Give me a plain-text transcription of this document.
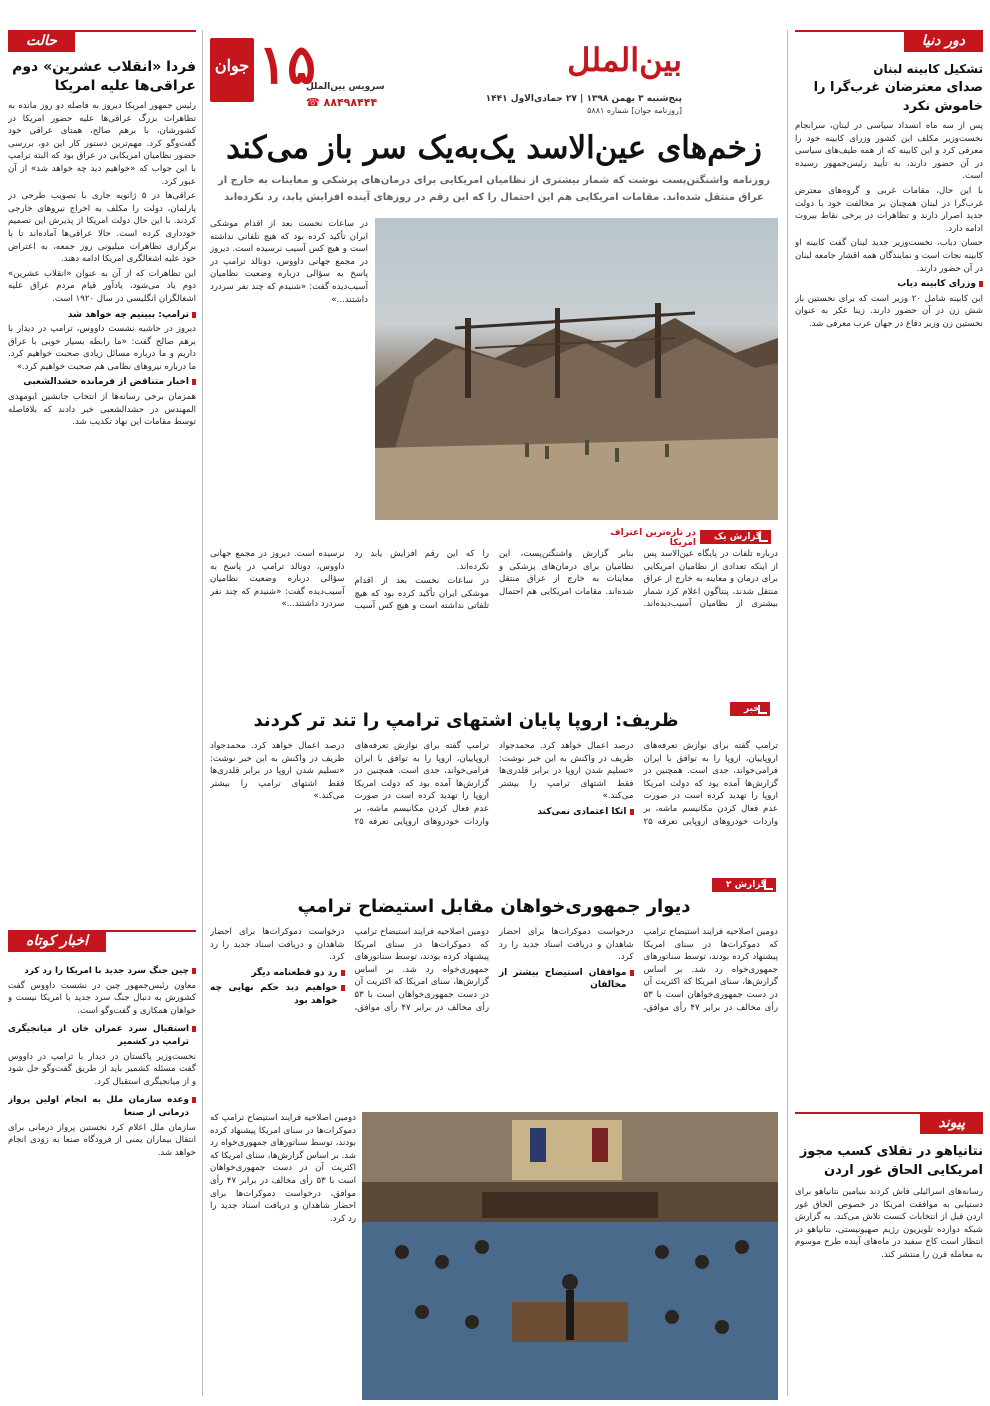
حالت
فردا «انقلاب عشرین» دوم عراقی‌ها علیه امریکا

رئیس جمهور امریکا دیروز به فاصله دو روز مانده به تظاهرات بزرگ عراقی‌ها علیه حضور امریکا در کشورشان، با برهم صالح، همتای عراقی خود گفت‌وگو کرد. مهم‌ترین دستور کار این دو، بررسی حضور نظامیان امریکایی در عراق بود که البته ترامپ با این جواب که «خواهیم دید چه خواهد شد» از آن عبور کرد.

عراقی‌ها در ۵ ژانویه جاری با تصویب طرحی در پارلمان، دولت را مکلف به اخراج نیروهای خارجی کردند. با این حال دولت امریکا از پذیرش این تصمیم خودداری کرده است. حالا عراقی‌ها آماده‌اند تا با برگزاری تظاهرات میلیونی روز جمعه، به اعتراض خود علیه اشغالگری امریکا ادامه دهند.

این تظاهرات که از آن به عنوان «انقلاب عشرین» دوم یاد می‌شود، یادآور قیام مردم عراق علیه اشغالگران انگلیسی در سال ۱۹۲۰ است.

ترامپ: ببینیم چه خواهد شد

دیروز در حاشیه نشست داووس، ترامپ در دیدار با برهم صالح گفت: «ما رابطه بسیار خوبی با عراق داریم و ما درباره مسائل زیادی صحبت خواهیم کرد. ما درباره نیروهای نظامی هم صحبت خواهیم کرد.»

اخبار متناقض از فرمانده حشدالشعبی

همزمان برخی رسانه‌ها از انتخاب جانشین ابومهدی المهندس در حشدالشعبی خبر دادند که بلافاصله توسط مقامات این نهاد تکذیب شد.

اخبار کوتاه
چین جنگ سرد جدید با امریکا را رد کرد

معاون رئیس‌جمهور چین در نشست داووس گفت کشورش به دنبال جنگ سرد جدید با امریکا نیست و خواهان همکاری و گفت‌وگو است.

استقبال سرد عمران خان از میانجیگری ترامپ در کشمیر

نخست‌وزیر پاکستان در دیدار با ترامپ در داووس گفت مسئله کشمیر باید از طریق گفت‌وگو حل شود و از میانجیگری استقبال کرد.

وعده سازمان ملل به انجام اولین پرواز درمانی از صنعا

سازمان ملل اعلام کرد نخستین پرواز درمانی برای انتقال بیماران یمنی از فرودگاه صنعا به زودی انجام خواهد شد.

جوان ۱۵	بین‌الملل
پنج‌شنبه ۳ بهمن ۱۳۹۸ | ۲۷ جمادی‌الاول ۱۴۴۱
[روزنامه جوان] شماره ۵۸۸۱
سرویس بین‌الملل
☎ ۸۸۴۹۸۴۴۴
زخم‌های عین‌الاسد یک‌به‌یک سر باز می‌کند
روزنامه واشنگتن‌پست نوشت که شمار بیشتری از نظامیان امریکایی برای درمان‌های پزشکی و معاینات به خارج از عراق منتقل شده‌اند. مقامات امریکایی هم این احتمال را که این رقم در روزهای آینده افزایش یابد، رد نکرده‌اند
در ساعات نخست بعد از اقدام موشکی ایران تأکید کرده بود که هیچ تلفاتی نداشته است و هیچ کس آسیب نرسیده است. دیروز در مجمع جهانی داووس، دونالد ترامپ در پاسخ به سؤالی درباره وضعیت نظامیان آسیب‌دیده گفت: «شنیدم که چند نفر سردرد داشتند...»
گزارش یک
در تازه‌ترین اعتراف امریکا

درباره تلفات در پایگاه عین‌الاسد پس از اینکه تعدادی از نظامیان امریکایی برای درمان و معاینه به خارج از عراق منتقل شدند، پنتاگون اعلام کرد شمار بیشتری از نظامیان آسیب‌دیده‌اند. بنابر گزارش واشنگتن‌پست، این نظامیان برای درمان‌های پزشکی و معاینات به خارج از عراق منتقل شده‌اند. مقامات امریکایی هم احتمال را که این رقم افزایش یابد رد نکرده‌اند.

در ساعات نخست بعد از اقدام موشکی ایران تأکید کرده بود که هیچ تلفاتی نداشته است و هیچ کس آسیب نرسیده است. دیروز در مجمع جهانی داووس، دونالد ترامپ در پاسخ به سؤالی درباره وضعیت نظامیان آسیب‌دیده گفت: «شنیدم که چند نفر سردرد داشتند...»

خبر
ظریف: اروپا پایان اشتهای ترامپ را تند تر کردند

ترامپ گفته برای نوازش تعرفه‌های اروپاییان، اروپا را به توافق با ایران فرامی‌خواند، جدی است. همچنین در گزارش‌ها آمده بود که دولت امریکا اروپا را تهدید کرده است در صورت عدم فعال کردن مکانیسم ماشه، بر واردات خودروهای اروپایی تعرفه ۲۵ درصد اعمال خواهد کرد. محمدجواد ظریف در واکنش به این خبر نوشت: «تسلیم شدن اروپا در برابر قلدری‌ها فقط اشتهای ترامپ را بیشتر می‌کند.»

اتکا اعتمادی نمی‌کند

ترامپ گفته برای نوازش تعرفه‌های اروپاییان، اروپا را به توافق با ایران فرامی‌خواند، جدی است. همچنین در گزارش‌ها آمده بود که دولت امریکا اروپا را تهدید کرده است در صورت عدم فعال کردن مکانیسم ماشه، بر واردات خودروهای اروپایی تعرفه ۲۵ درصد اعمال خواهد کرد. محمدجواد ظریف در واکنش به این خبر نوشت: «تسلیم شدن اروپا در برابر قلدری‌ها فقط اشتهای ترامپ را بیشتر می‌کند.»

گزارش ۲
دیوار جمهوری‌خواهان مقابل استیضاح ترامپ

دومین اصلاحیه فرایند استیضاح ترامپ که دموکرات‌ها در سنای امریکا پیشنهاد کرده بودند، توسط سناتورهای جمهوری‌خواه رد شد. بر اساس گزارش‌ها، سنای امریکا که اکثریت آن در دست جمهوری‌خواهان است با ۵۳ رأی مخالف در برابر ۴۷ رأی موافق، درخواست دموکرات‌ها برای احضار شاهدان و دریافت اسناد جدید را رد کرد.

موافقان استیضاح بیشتر از مخالفان

دومین اصلاحیه فرایند استیضاح ترامپ که دموکرات‌ها در سنای امریکا پیشنهاد کرده بودند، توسط سناتورهای جمهوری‌خواه رد شد. بر اساس گزارش‌ها، سنای امریکا که اکثریت آن در دست جمهوری‌خواهان است با ۵۳ رأی مخالف در برابر ۴۷ رأی موافق، درخواست دموکرات‌ها برای احضار شاهدان و دریافت اسناد جدید را رد کرد.

رد دو قطعنامه دیگر
خواهیم دید حکم نهایی چه خواهد بود
دومین اصلاحیه فرایند استیضاح ترامپ که دموکرات‌ها در سنای امریکا پیشنهاد کرده بودند، توسط سناتورهای جمهوری‌خواه رد شد. بر اساس گزارش‌ها، سنای امریکا که اکثریت آن در دست جمهوری‌خواهان است با ۵۳ رأی مخالف در برابر ۴۷ رأی موافق، درخواست دموکرات‌ها برای احضار شاهدان و دریافت اسناد جدید را رد کرد.
دور دنیا
تشکیل کابینه لبنان
صدای معترضان غرب‌گرا را خاموش نکرد

پس از سه ماه انسداد سیاسی در لبنان، سرانجام نخست‌وزیر مکلف این کشور وزرای کابینه خود را معرفی کرد و این کابینه که از همه طیف‌های سیاسی در آن حضور دارند، به تأیید رئیس‌جمهور رسیده است.

با این حال، مقامات غربی و گروه‌های معترض غرب‌گرا در لبنان همچنان بر مخالفت خود با دولت جدید اصرار دارند و تظاهرات در برخی نقاط بیروت ادامه دارد.

حسان دیاب، نخست‌وزیر جدید لبنان گفت کابینه او کابینه نجات است و نمایندگان همه اقشار جامعه لبنان در آن حضور دارند.

وزرای کابینه دیاب

این کابینه شامل ۲۰ وزیر است که برای نخستین بار شش زن در آن حضور دارند. زینا عکر به عنوان نخستین زن وزیر دفاع در جهان عرب معرفی شد.

پیوند
نتانیاهو در تقلای کسب مجوز امریکایی الحاق غور اردن
رسانه‌های اسرائیلی فاش کردند بنیامین نتانیاهو برای دستیابی به موافقت امریکا در خصوص الحاق غور اردن قبل از انتخابات کنست تلاش می‌کند. به گزارش شبکه دوازده تلویزیون رژیم صهیونیستی، نتانیاهو در انتظار است کاخ سفید در ماه‌های آینده طرح موسوم به معامله قرن را منتشر کند.
